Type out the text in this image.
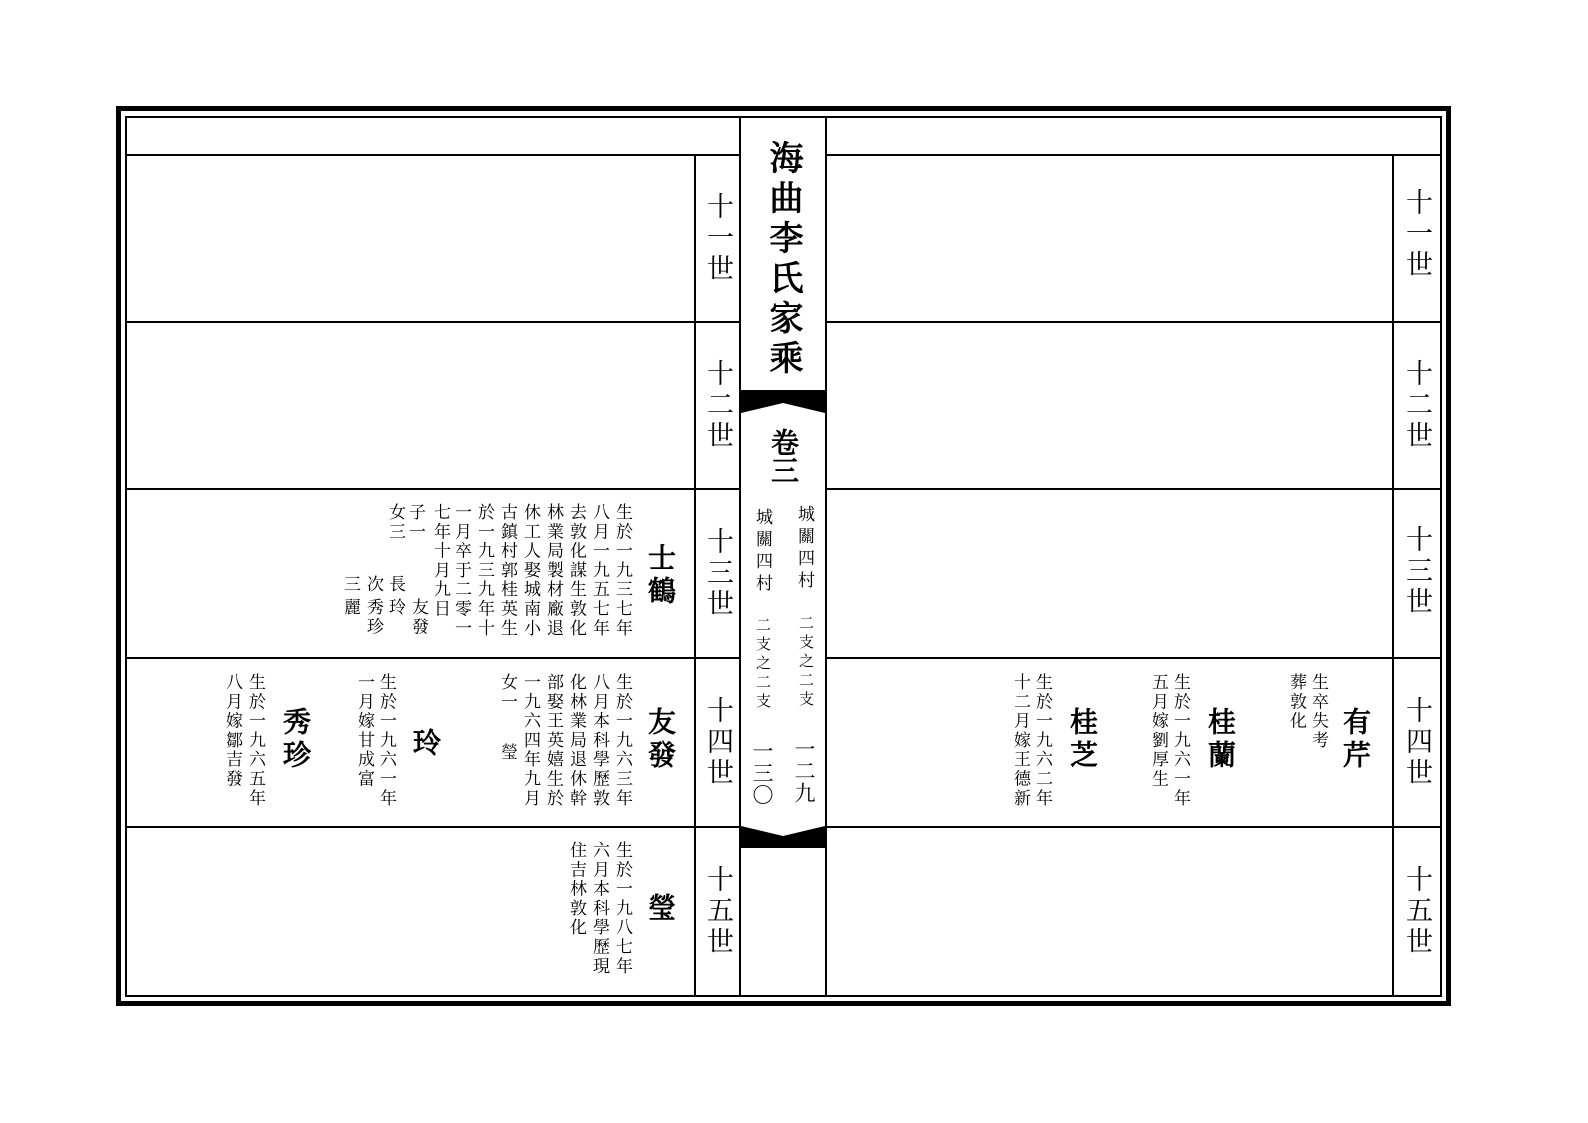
海曲李氏家乘
卷三
城關四村
二支之二支
一二九
城關四村
二支之二支
一三〇
十一世
十二世
十三世
十四世
十五世
十一世
十二世
十三世
十四世
十五世
士鶴
生於一九三七年
八月一九五七年
去敦化謀生敦化
林業局製材廠退
休工人娶城南小
古鎮村郭桂英生
於一九三九年十
一月卒于二零一
七年十月九日
子一
女三
友發
長
玲
次
秀珍
三
麗
友發
生於一九六三年
八月本科學歷敦
化林業局退休幹
部娶王英嬉生於
一九六四年九月
女一
瑩
玲
生於一九六一年
一月嫁甘成富
秀珍
生於一九六五年
八月嫁鄒吉發
瑩
生於一九八七年
六月本科學歷現
住吉林敦化
有芹
生卒失考
葬敦化
桂蘭
生於一九六一年
五月嫁劉厚生
桂芝
生於一九六二年
十二月嫁王德新
